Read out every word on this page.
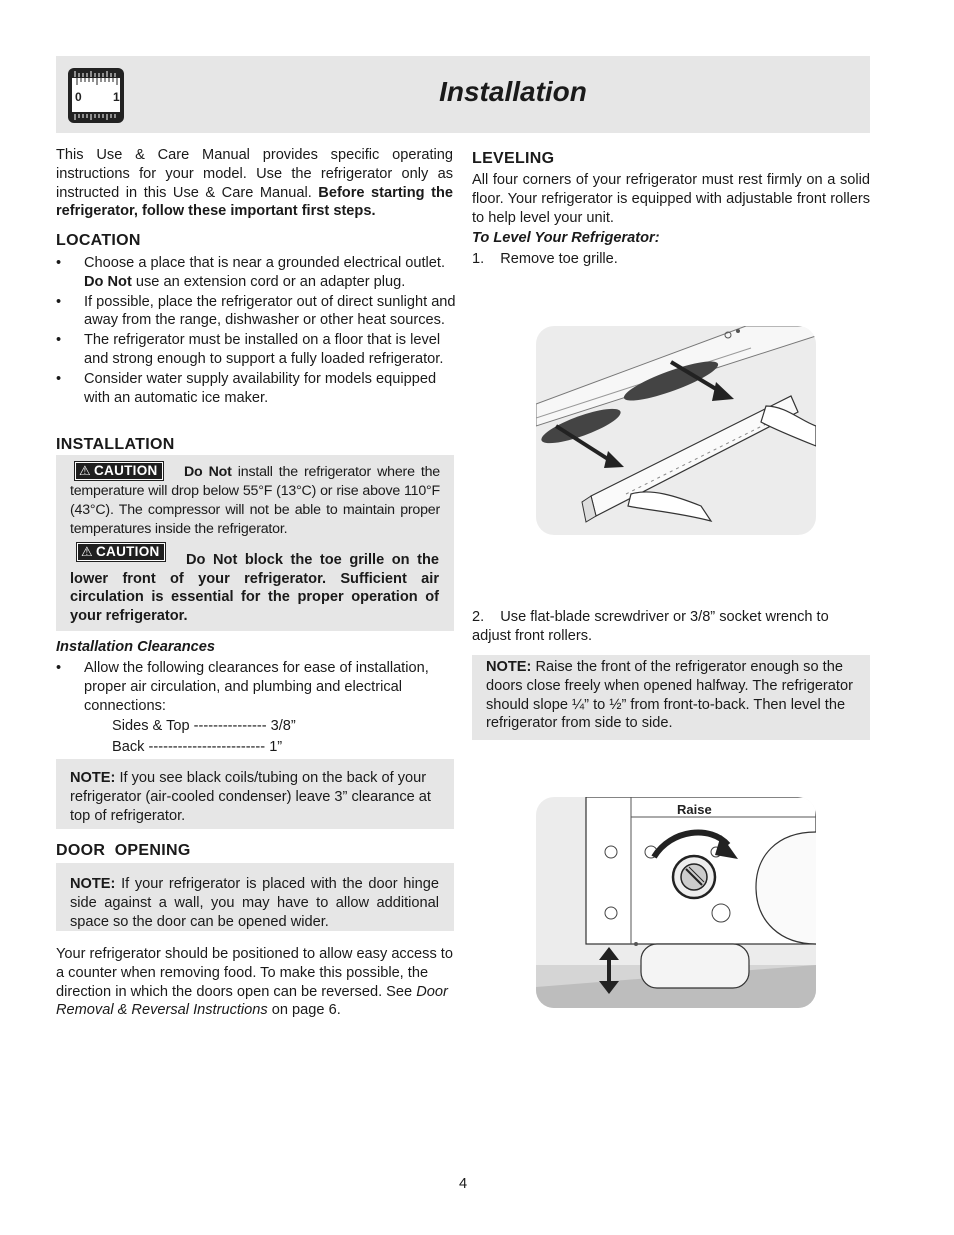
0	1	Installation
This Use & Care Manual provides specific operating instructions for your model. Use the refrigerator only as instructed in this Use & Care Manual. Before starting the refrigerator, follow these important first steps.
LOCATION
• Choose a place that is near a grounded electrical outlet. Do Not use an extension cord or an adapter plug.
• If possible, place the refrigerator out of direct sunlight and away from the range, dishwasher or other heat sources.
• The refrigerator must be installed on a floor that is level and strong enough to support a fully loaded refrigerator.
• Consider water supply availability for models equipped with an automatic ice maker.
INSTALLATION
⚠ CAUTION	Do Not install the refrigerator where the temperature will drop below 55°F (13°C) or rise above 110°F (43°C). The compressor will not be able to maintain proper temperatures inside the refrigerator.
⚠ CAUTION
Do Not block the toe grille on the lower front of your refrigerator. Sufficient air circulation is essential for the proper operation of your refrigerator.
Installation Clearances
• Allow the following clearances for ease of installation, proper air circulation, and plumbing and electrical connections:
Sides & Top --------------- 3/8”
Back ------------------------ 1”
NOTE: If you see black coils/tubing on the back of your refrigerator (air-cooled condenser) leave 3” clearance at top of refrigerator.
DOOR  OPENING
NOTE: If your refrigerator is placed with the door hinge side against a wall, you may have to allow additional space so the door can be opened wider.
Your refrigerator should be positioned to allow easy access to a counter when removing food. To make this possible, the direction in which the doors open can be reversed. See Door Removal & Reversal Instructions on page 6.
LEVELING
All four corners of your refrigerator must rest firmly on a solid floor. Your refrigerator is equipped with adjustable front rollers to help level your unit.
To Level Your Refrigerator:
1. Remove toe grille.
2. Use flat-blade screwdriver or 3/8” socket wrench to adjust front rollers.
NOTE: Raise the front of the refrigerator enough so the doors close freely when opened halfway. The refrigerator should slope ¼” to ½” from front-to-back. Then level the refrigerator from side to side.
Raise
4
